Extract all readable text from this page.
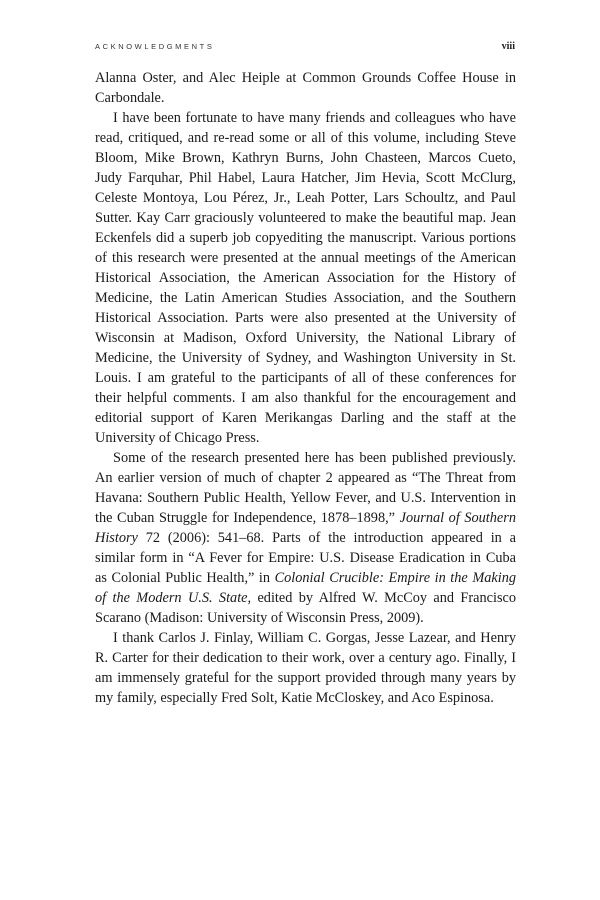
ACKNOWLEDGMENTS	viii

Alanna Oster, and Alec Heiple at Common Grounds Coffee House in Carbondale.

I have been fortunate to have many friends and colleagues who have read, critiqued, and re-read some or all of this volume, including Steve Bloom, Mike Brown, Kathryn Burns, John Chasteen, Marcos Cueto, Judy Farquhar, Phil Habel, Laura Hatcher, Jim Hevia, Scott McClurg, Celeste Montoya, Lou Pérez, Jr., Leah Potter, Lars Schoultz, and Paul Sutter. Kay Carr graciously volunteered to make the beautiful map. Jean Eckenfels did a superb job copyediting the manuscript. Various portions of this research were presented at the annual meetings of the American Historical Association, the American Association for the History of Medicine, the Latin American Studies Association, and the Southern Historical Association. Parts were also presented at the University of Wisconsin at Madison, Oxford University, the National Library of Medicine, the University of Sydney, and Washington University in St. Louis. I am grateful to the participants of all of these conferences for their helpful comments. I am also thankful for the encouragement and editorial support of Karen Merikangas Darling and the staff at the University of Chicago Press.

Some of the research presented here has been published previously. An earlier version of much of chapter 2 appeared as “The Threat from Havana: Southern Public Health, Yellow Fever, and U.S. Intervention in the Cuban Struggle for Independence, 1878–1898,” Journal of Southern History 72 (2006): 541–68. Parts of the introduction appeared in a similar form in “A Fever for Empire: U.S. Disease Eradication in Cuba as Colonial Public Health,” in Colonial Crucible: Empire in the Making of the Modern U.S. State, edited by Alfred W. McCoy and Francisco Scarano (Madison: University of Wisconsin Press, 2009).

I thank Carlos J. Finlay, William C. Gorgas, Jesse Lazear, and Henry R. Carter for their dedication to their work, over a century ago. Finally, I am immensely grateful for the support provided through many years by my family, especially Fred Solt, Katie McCloskey, and Aco Espinosa.
